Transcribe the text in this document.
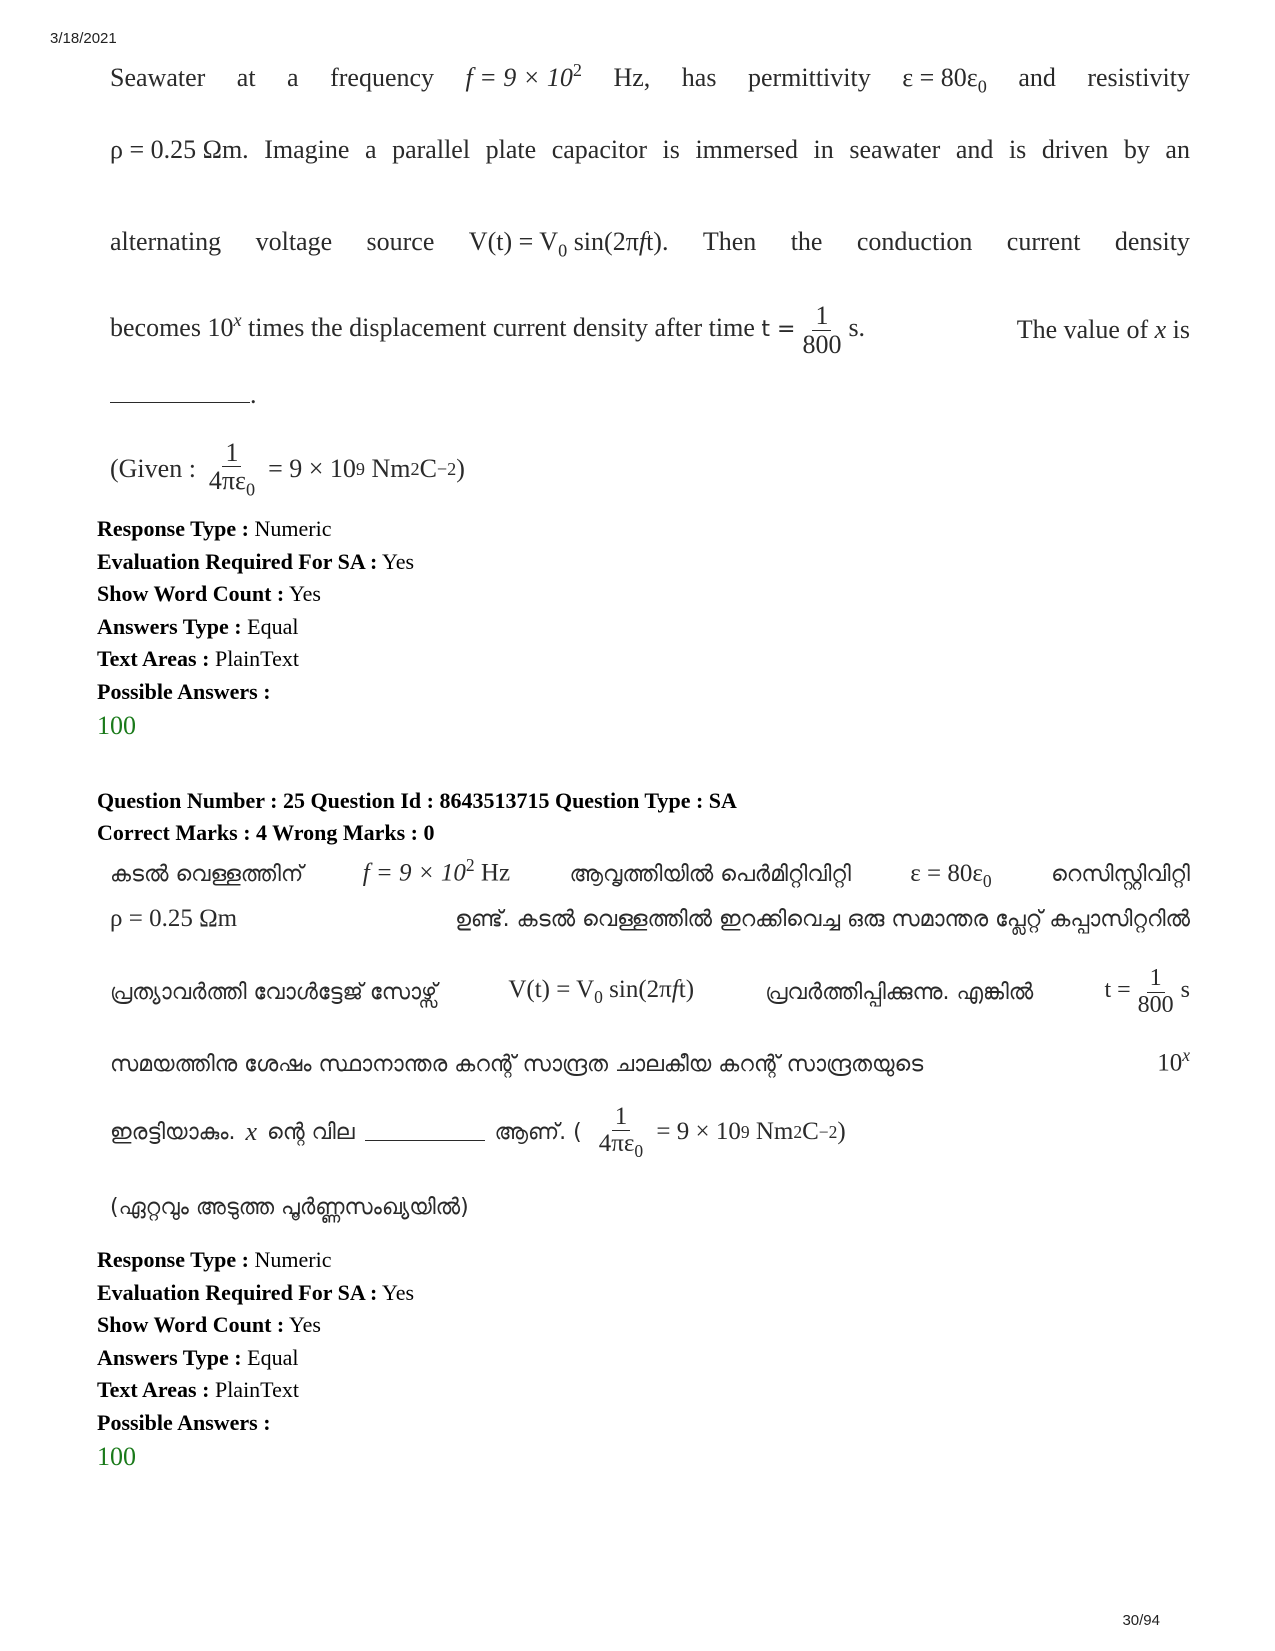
3/18/2021
Seawater at a frequency $f = 9 \times 10^2$ Hz, has permittivity $\varepsilon = 80\varepsilon_0$ and resistivity
ρ = 0.25 Ωm. Imagine a parallel plate capacitor is immersed in seawater and is driven by an
alternating voltage source $V(t) = V_0$ sin(2πft). Then the conduction current density
becomes 10$^x$ times the displacement current density after time $t = \frac{1}{800} s$.	The value of x is
.
(Given : $\frac{1}{4\pi\varepsilon_0} = 9 \times 10$ 9
Nm 2 C −2 )
Response Type : Numeric
Evaluation Required For SA : Yes
Show Word Count : Yes
Answers Type : Equal
Text Areas : PlainText
Possible Answers :
100
Question Number : 25 Question Id : 8643513715 Question Type : SA
Correct Marks : 4 Wrong Marks : 0
കടൽ വെള്ളത്തിന് $f = 9 \times 10^2$ Hz	ആവൃത്തിയിൽ പെർമിറ്റിവിറ്റി $\varepsilon = 80\varepsilon_0$	റെസിസ്റ്റിവിറ്റി
ρ = 0.25 Ωm	ഉണ്ട്. കടൽ വെള്ളത്തിൽ ഇറക്കിവെച്ച ഒരു സമാന്തര പ്ലേറ്റ് കപ്പാസിറ്ററിൽ
പ്രത്യാവർത്തി വോൾട്ടേജ് സോഴ്സ്	$V(t) = V_0$ sin(2πft)	പ്രവർത്തിപ്പിക്കുന്നു. എങ്കിൽ	$t = \frac{1}{800}$ s
സമയത്തിനു ശേഷം സ്ഥാനാന്തര കറന്റ് സാന്ദ്രത ചാലകീയ കറന്റ് സാന്ദ്രതയുടെ	10$^x$
ഇരട്ടിയാകും. x ന്റെ വില	ആണ്. ( $\frac{1}{4\pi\varepsilon_0}$
= 9 × 10 9
Nm 2 C −2 )
(ഏറ്റവും അടുത്ത പൂർണ്ണസംഖ്യയിൽ)
Response Type : Numeric
Evaluation Required For SA : Yes
Show Word Count : Yes
Answers Type : Equal
Text Areas : PlainText
Possible Answers :
100
30/94
